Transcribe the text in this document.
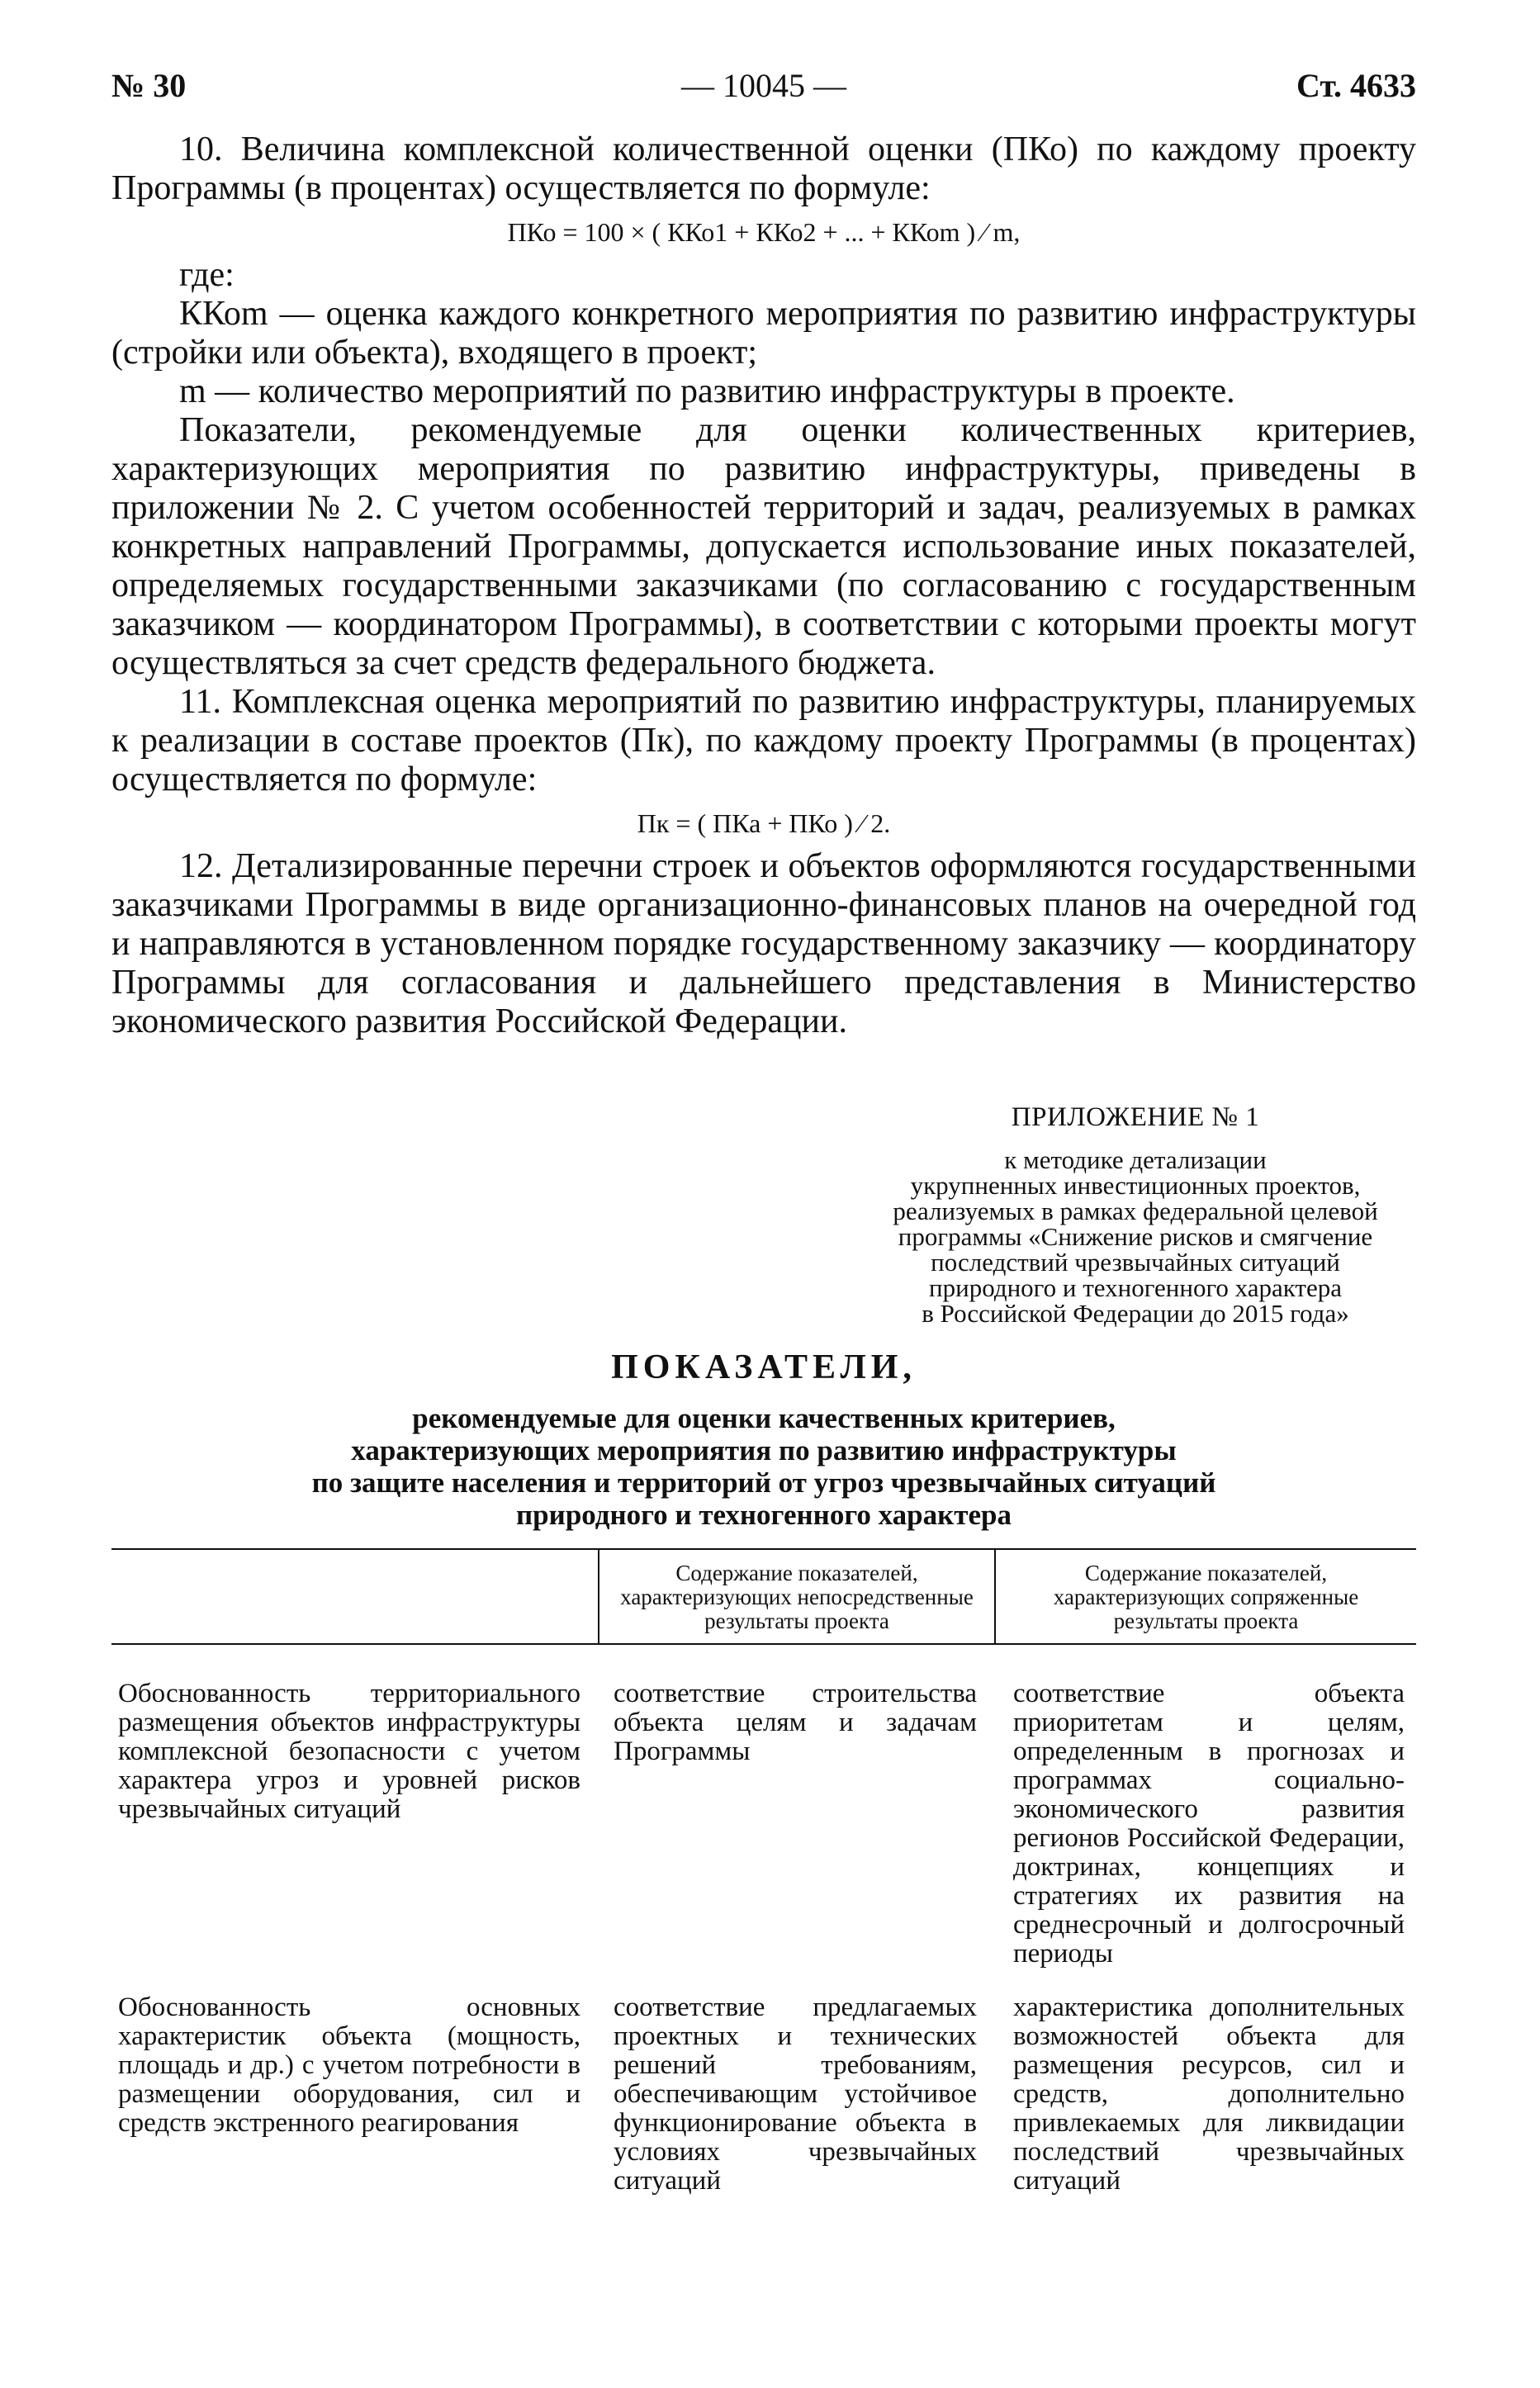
№ 30	— 10045 —	Ст. 4633

10. Величина комплексной количественной оценки (ПКо) по каждому проекту Программы (в процентах) осуществляется по формуле:

ПКо = 100 × ( ККо1 + ККо2 + ... + ККоm ) ⁄ m,

где:

ККоm — оценка каждого конкретного мероприятия по развитию инфраструктуры (стройки или объекта), входящего в проект;

m — количество мероприятий по развитию инфраструктуры в проекте.

Показатели, рекомендуемые для оценки количественных критериев, характеризующих мероприятия по развитию инфраструктуры, приведены в приложении № 2. С учетом особенностей территорий и задач, реализуемых в рамках конкретных направлений Программы, допускается использование иных показателей, определяемых государственными заказчиками (по согласованию с государственным заказчиком — координатором Программы), в соответствии с которыми проекты могут осуществляться за счет средств федерального бюджета.

11. Комплексная оценка мероприятий по развитию инфраструктуры, планируемых к реализации в составе проектов (Пк), по каждому проекту Программы (в процентах) осуществляется по формуле:

Пк = ( ПКа + ПКо ) ⁄ 2.

12. Детализированные перечни строек и объектов оформляются государственными заказчиками Программы в виде организационно-финансовых планов на очередной год и направляются в установленном порядке государственному заказчику — координатору Программы для согласования и дальнейшего представления в Министерство экономического развития Российской Федерации.

ПРИЛОЖЕНИЕ № 1
к методике детализации
укрупненных инвестиционных проектов,
реализуемых в рамках федеральной целевой
программы «Снижение рисков и смягчение
последствий чрезвычайных ситуаций
природного и техногенного характера
в Российской Федерации до 2015 года»
ПОКАЗАТЕЛИ,
рекомендуемые для оценки качественных критериев,
характеризующих мероприятия по развитию инфраструктуры
по защите населения и территорий от угроз чрезвычайных ситуаций
природного и техногенного характера
	Содержание показателей, характеризующих непосредственные результаты проекта	Содержание показателей, характеризующих сопряженные результаты проекта

Обоснованность территориального размещения объектов инфраструктуры комплексной безопасности с учетом характера угроз и уровней рисков чрезвычайных ситуаций	соответствие строительства объекта целям и задачам Программы	соответствие объекта приоритетам и целям, определенным в прогнозах и программах социально-экономического развития регионов Российской Федерации, доктринах, концепциях и стратегиях их развития на среднесрочный и долгосрочный периоды
Обоснованность основных характеристик объекта (мощность, площадь и др.) с учетом потребности в размещении оборудования, сил и средств экстренного реагирования	соответствие предлагаемых проектных и технических решений требованиям, обеспечивающим устойчивое функционирование объекта в условиях чрезвычайных ситуаций	характеристика дополнительных возможностей объекта для размещения ресурсов, сил и средств, дополнительно привлекаемых для ликвидации последствий чрезвычайных ситуаций
